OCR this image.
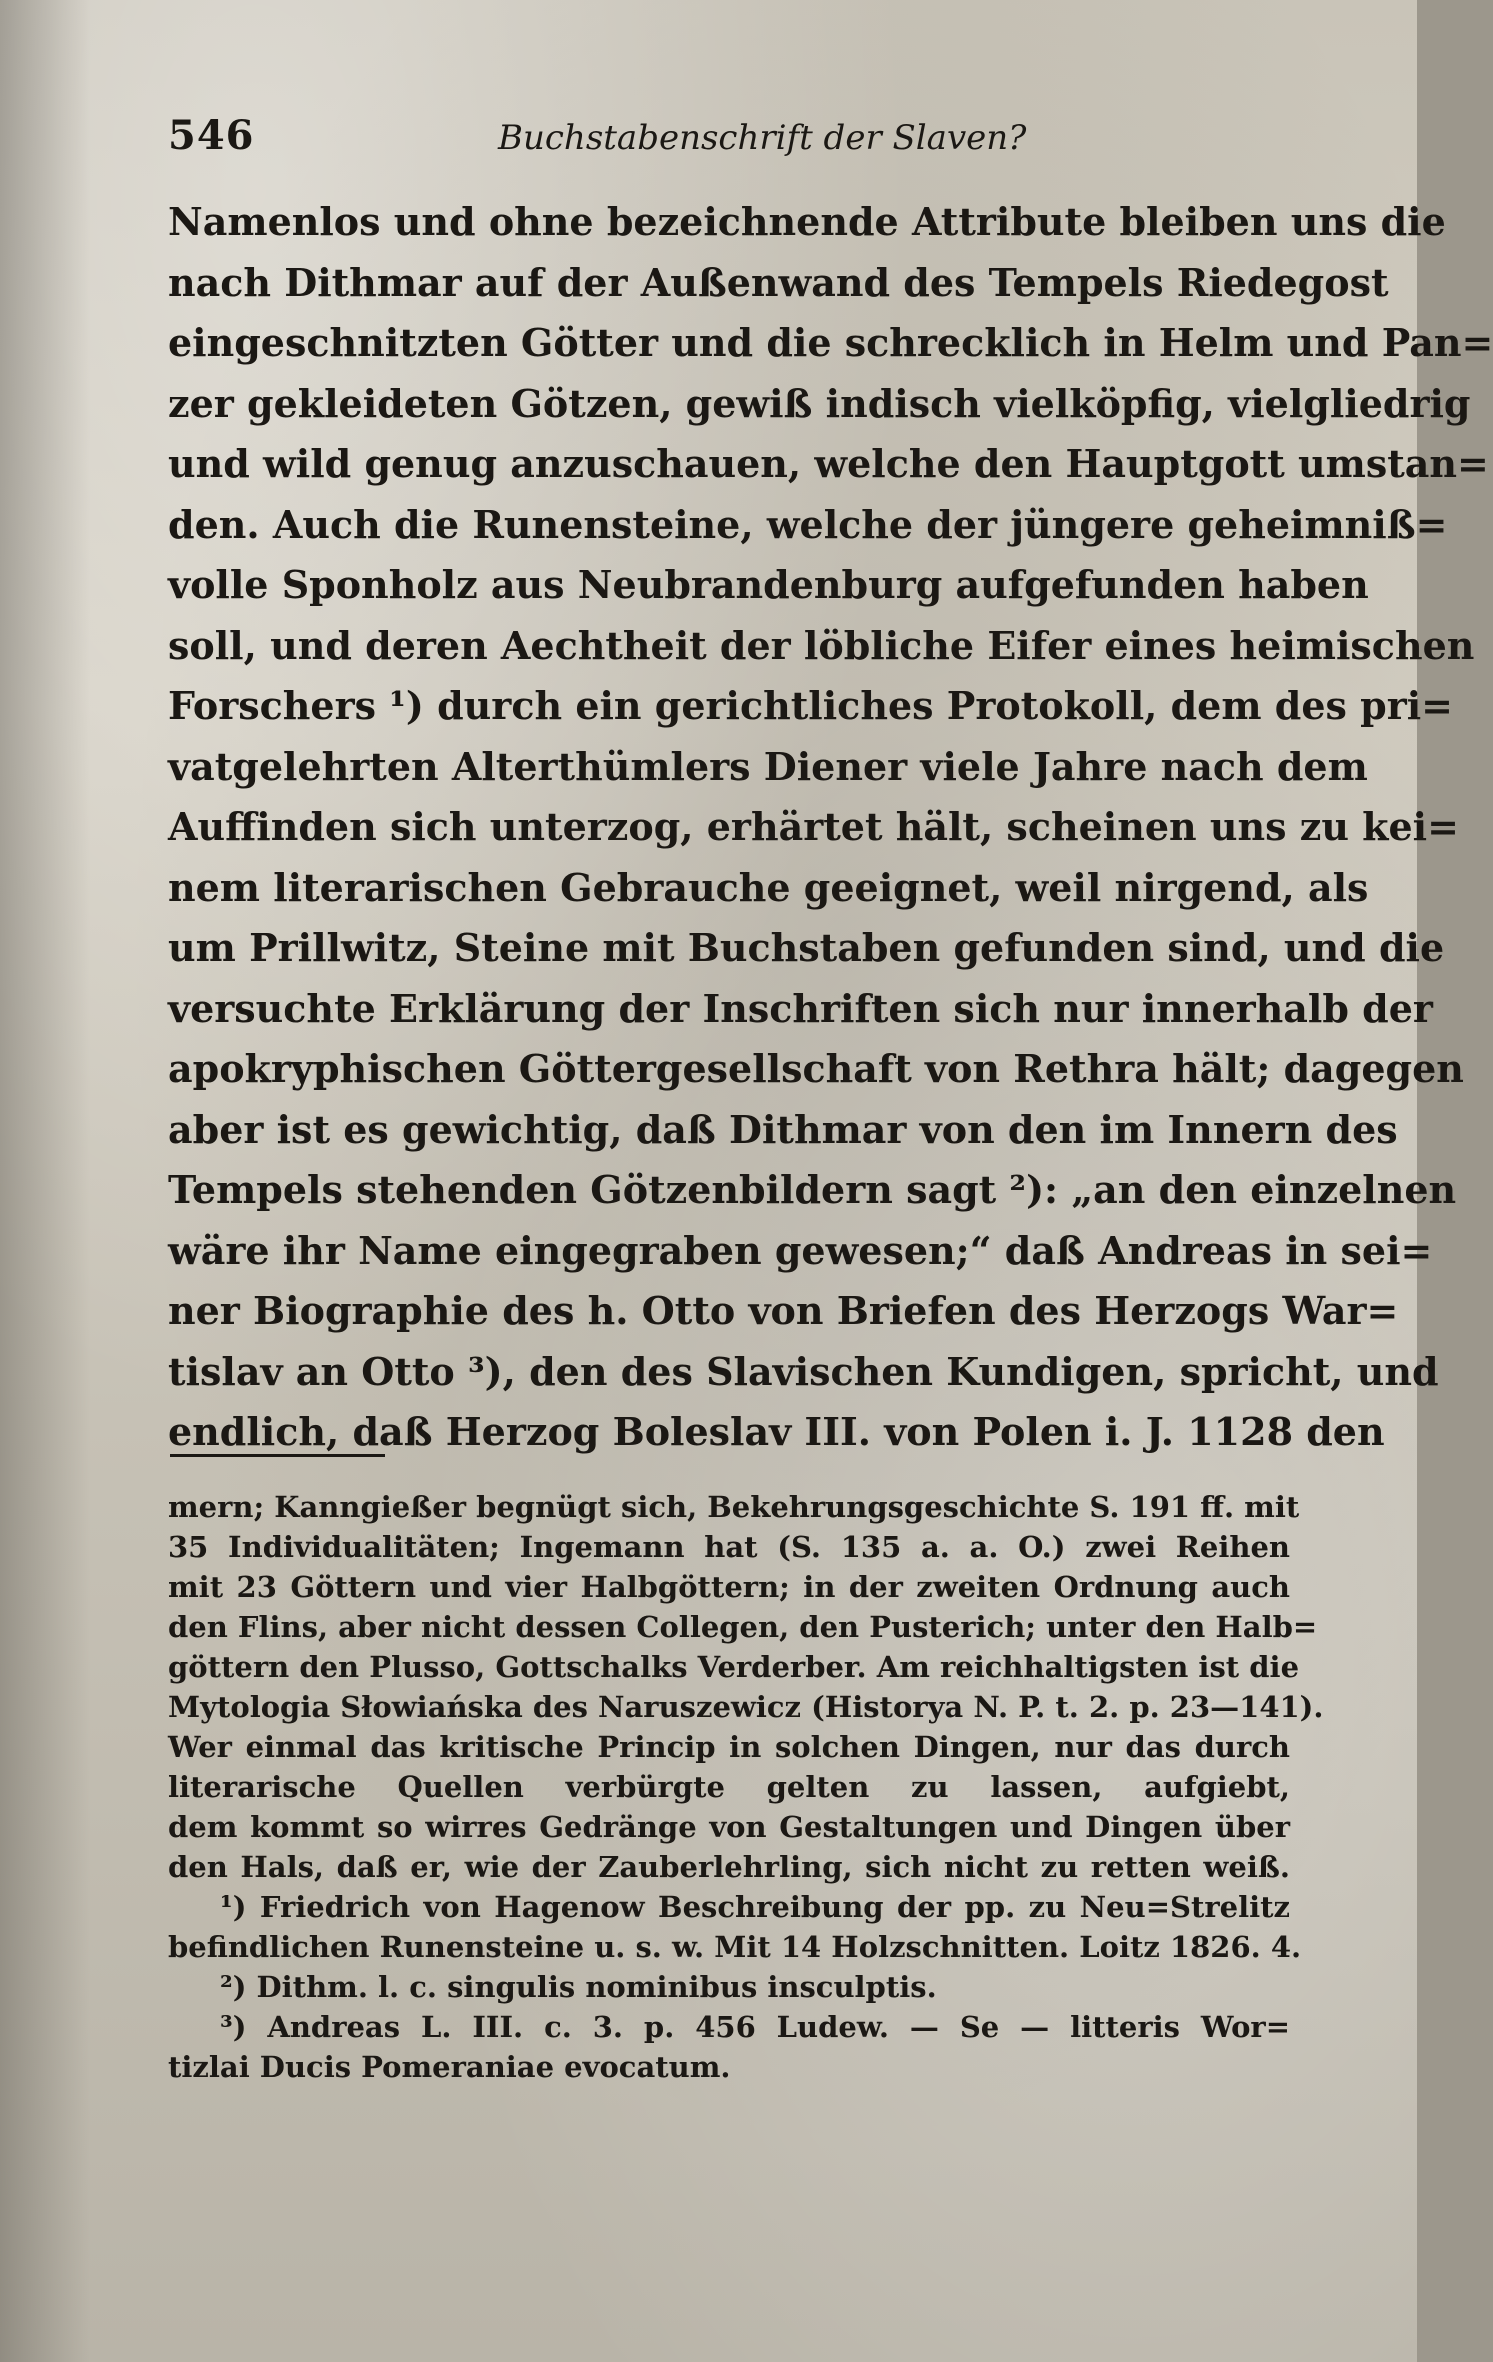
546	Buchstabenschrift der Slaven?
Namenlos und ohne bezeichnende Attribute bleiben uns die
nach Dithmar auf der Außenwand des Tempels Riedegost
eingeschnitzten Götter und die schrecklich in Helm und Pan=
zer gekleideten Götzen, gewiß indisch vielköpfig, vielgliedrig
und wild genug anzuschauen, welche den Hauptgott umstan=
den. Auch die Runensteine, welche der jüngere geheimniß=
volle Sponholz aus Neubrandenburg aufgefunden haben
soll, und deren Aechtheit der löbliche Eifer eines heimischen
Forschers ¹) durch ein gerichtliches Protokoll, dem des pri=
vatgelehrten Alterthümlers Diener viele Jahre nach dem
Auffinden sich unterzog, erhärtet hält, scheinen uns zu kei=
nem literarischen Gebrauche geeignet, weil nirgend, als
um Prillwitz, Steine mit Buchstaben gefunden sind, und die
versuchte Erklärung der Inschriften sich nur innerhalb der
apokryphischen Göttergesellschaft von Rethra hält; dagegen
aber ist es gewichtig, daß Dithmar von den im Innern des
Tempels stehenden Götzenbildern sagt ²): „an den einzelnen
wäre ihr Name eingegraben gewesen;“ daß Andreas in sei=
ner Biographie des h. Otto von Briefen des Herzogs War=
tislav an Otto ³), den des Slavischen Kundigen, spricht, und
endlich, daß Herzog Boleslav III. von Polen i. J. 1128 den
mern; Kanngießer begnügt sich, Bekehrungsgeschichte S. 191 ff. mit
35 Individualitäten; Ingemann hat (S. 135 a. a. O.) zwei Reihen
mit 23 Göttern und vier Halbgöttern; in der zweiten Ordnung auch
den Flins, aber nicht dessen Collegen, den Pusterich; unter den Halb=
göttern den Plusso, Gottschalks Verderber. Am reichhaltigsten ist die
Mytologia Słowiańska des Naruszewicz (Historya N. P. t. 2. p. 23—141).
Wer einmal das kritische Princip in solchen Dingen, nur das durch
literarische Quellen verbürgte gelten zu lassen, aufgiebt,
dem kommt so wirres Gedränge von Gestaltungen und Dingen über
den Hals, daß er, wie der Zauberlehrling, sich nicht zu retten weiß.
¹) Friedrich von Hagenow Beschreibung der pp. zu Neu=Strelitz
befindlichen Runensteine u. s. w. Mit 14 Holzschnitten. Loitz 1826. 4.
²) Dithm. l. c. singulis nominibus insculptis.
³) Andreas L. III. c. 3. p. 456 Ludew. — Se — litteris Wor=
tizlai Ducis Pomeraniae evocatum.
